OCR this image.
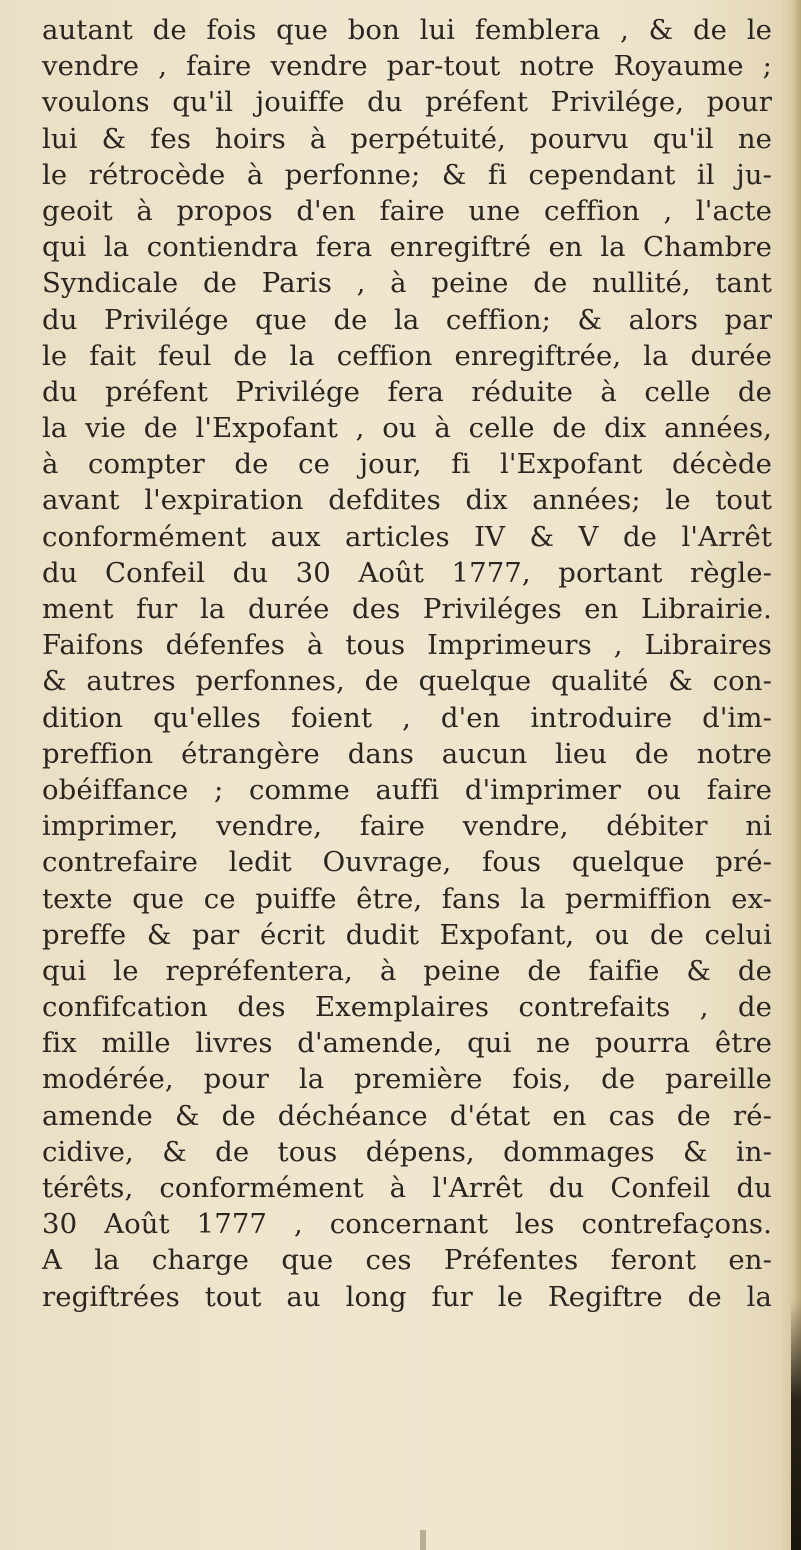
autant de fois que bon lui femblera , & de le
vendre , faire vendre par-tout notre Royaume ;
voulons qu'il jouiffe du préfent Privilége, pour
lui & fes hoirs à perpétuité, pourvu qu'il ne
le rétrocède à perfonne; & fi cependant il ju-
geoit à propos d'en faire une ceffion , l'acte
qui la contiendra fera enregiftré en la Chambre
Syndicale de Paris , à peine de nullité, tant
du Privilége que de la ceffion; & alors par
le fait feul de la ceffion enregiftrée, la durée
du préfent Privilége fera réduite à celle de
la vie de l'Expofant , ou à celle de dix années,
à compter de ce jour, fi l'Expofant décède
avant l'expiration defdites dix années; le tout
conformément aux articles IV & V de l'Arrêt
du Confeil du 30 Août 1777, portant règle-
ment fur la durée des Priviléges en Librairie.
Faifons défenfes à tous Imprimeurs , Libraires
& autres perfonnes, de quelque qualité & con-
dition qu'elles foient , d'en introduire d'im-
preffion étrangère dans aucun lieu de notre
obéiffance ; comme auffi d'imprimer ou faire
imprimer, vendre, faire vendre, débiter ni
contrefaire ledit Ouvrage, fous quelque pré-
texte que ce puiffe être, fans la permiffion ex-
preffe & par écrit dudit Expofant, ou de celui
qui le repréfentera, à peine de faifie & de
confifcation des Exemplaires contrefaits , de
fix mille livres d'amende, qui ne pourra être
modérée, pour la première fois, de pareille
amende & de déchéance d'état en cas de ré-
cidive, & de tous dépens, dommages & in-
térêts, conformément à l'Arrêt du Confeil du
30 Août 1777 , concernant les contrefaçons.
A la charge que ces Préfentes feront en-
regiftrées tout au long fur le Regiftre de la
